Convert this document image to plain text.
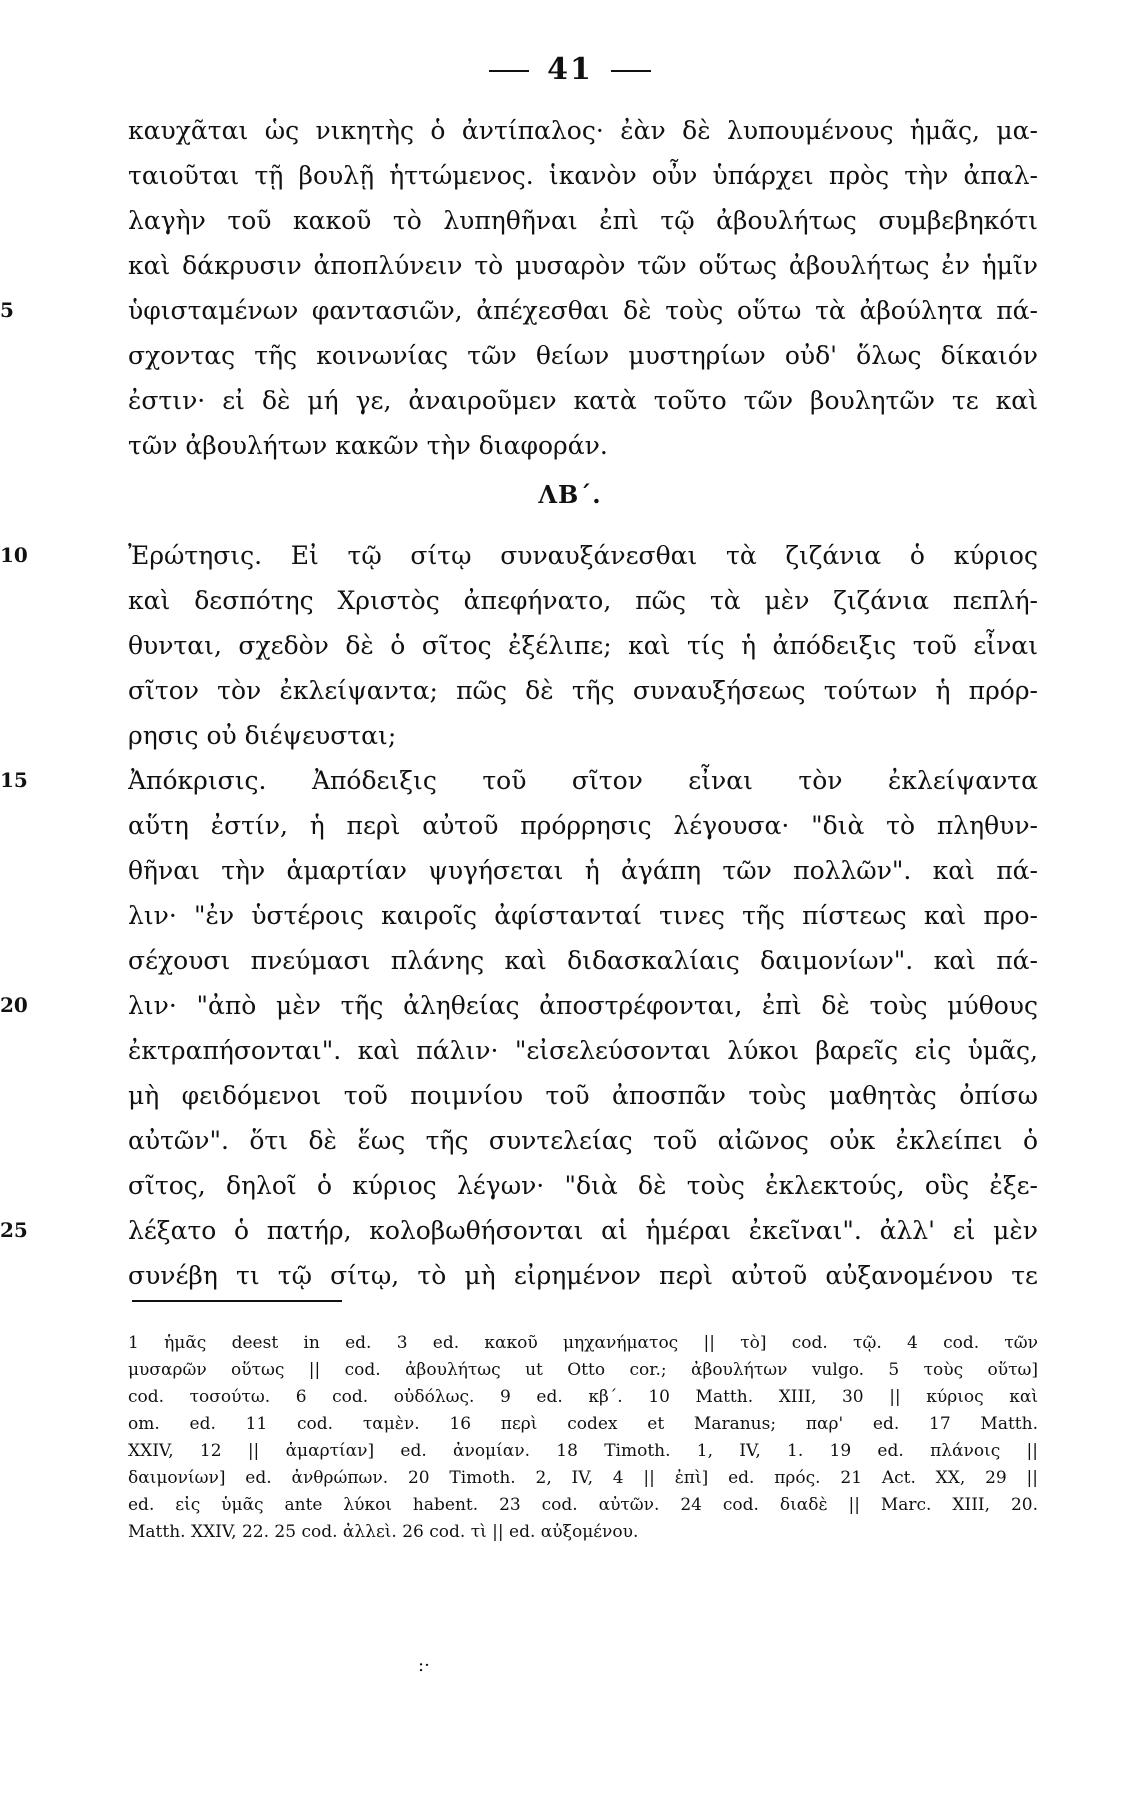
41
καυχᾶται ὡς νικητὴς ὁ ἀντίπαλος· ἐὰν δὲ λυπουμένους ἡμᾶς, μα-
ταιοῦται τῇ βουλῇ ἡττώμενος. ἱκανὸν οὖν ὑπάρχει πρὸς τὴν ἀπαλ-
λαγὴν τοῦ κακοῦ τὸ λυπηθῆναι ἐπὶ τῷ ἀβουλήτως συμβεβηκότι
καὶ δάκρυσιν ἀποπλύνειν τὸ μυσαρὸν τῶν οὕτως ἀβουλήτως ἐν ἡμῖν
5	ὑφισταμένων φαντασιῶν, ἀπέχεσθαι δὲ τοὺς οὕτω τὰ ἀβούλητα πά-
σχοντας τῆς κοινωνίας τῶν θείων μυστηρίων οὐδ' ὅλως δίκαιόν
ἐστιν· εἰ δὲ μή γε, ἀναιροῦμεν κατὰ τοῦτο τῶν βουλητῶν τε καὶ
τῶν ἀβουλήτων κακῶν τὴν διαφοράν.
ΛΒ΄.
10	Ἐρώτησις. Εἰ τῷ σίτῳ συναυξάνεσθαι τὰ ζιζάνια ὁ κύριος
καὶ δεσπότης Χριστὸς ἀπεφήνατο, πῶς τὰ μὲν ζιζάνια πεπλή-
θυνται, σχεδὸν δὲ ὁ σῖτος ἐξέλιπε; καὶ τίς ἡ ἀπόδειξις τοῦ εἶναι
σῖτον τὸν ἐκλείψαντα; πῶς δὲ τῆς συναυξήσεως τούτων ἡ πρόρ-
ρησις οὐ διέψευσται;
15	Ἀπόκρισις. Ἀπόδειξις τοῦ σῖτον εἶναι τὸν ἐκλείψαντα
αὕτη ἐστίν, ἡ περὶ αὐτοῦ πρόρρησις λέγουσα· "διὰ τὸ πληθυν-
θῆναι τὴν ἁμαρτίαν ψυγήσεται ἡ ἀγάπη τῶν πολλῶν". καὶ πά-
λιν· "ἐν ὑστέροις καιροῖς ἀφίστανταί τινες τῆς πίστεως καὶ προ-
σέχουσι πνεύμασι πλάνης καὶ διδασκαλίαις δαιμονίων". καὶ πά-
20	λιν· "ἀπὸ μὲν τῆς ἀληθείας ἀποστρέφονται, ἐπὶ δὲ τοὺς μύθους
ἐκτραπήσονται". καὶ πάλιν· "εἰσελεύσονται λύκοι βαρεῖς εἰς ὑμᾶς,
μὴ φειδόμενοι τοῦ ποιμνίου τοῦ ἀποσπᾶν τοὺς μαθητὰς ὀπίσω
αὐτῶν". ὅτι δὲ ἕως τῆς συντελείας τοῦ αἰῶνος οὐκ ἐκλείπει ὁ
σῖτος, δηλοῖ ὁ κύριος λέγων· "διὰ δὲ τοὺς ἐκλεκτούς, οὓς ἐξε-
25	λέξατο ὁ πατήρ, κολοβωθήσονται αἱ ἡμέραι ἐκεῖναι". ἀλλ' εἰ μὲν
συνέβη τι τῷ σίτῳ, τὸ μὴ εἰρημένον περὶ αὐτοῦ αὐξανομένου τε
1 ἡμᾶς deest in ed. 3 ed. κακοῦ μηχανήματος || τὸ] cod. τῷ. 4 cod. τῶν
μυσαρῶν οὕτως || cod. ἀβουλήτως ut Otto cor.; ἀβουλήτων vulgo. 5 τοὺς οὕτω]
cod. τοσούτω. 6 cod. οὐδόλως. 9 ed. κβ΄. 10 Matth. XIII, 30 || κύριος καὶ
om. ed. 11 cod. ταμὲν. 16 περὶ codex et Maranus; παρ' ed. 17 Matth.
XXIV, 12 || ἁμαρτίαν] ed. ἀνομίαν. 18 Timoth. 1, IV, 1. 19 ed. πλάνοις ||
δαιμονίων] ed. ἀνθρώπων. 20 Timoth. 2, IV, 4 || ἐπὶ] ed. πρός. 21 Act. XX, 29 ||
ed. εἰς ὑμᾶς ante λύκοι habent. 23 cod. αὐτῶν. 24 cod. διαδὲ || Marc. XIII, 20.
Matth. XXIV, 22. 25 cod. ἀλλεὶ. 26 cod. τὶ || ed. αὐξομένου.
:·
